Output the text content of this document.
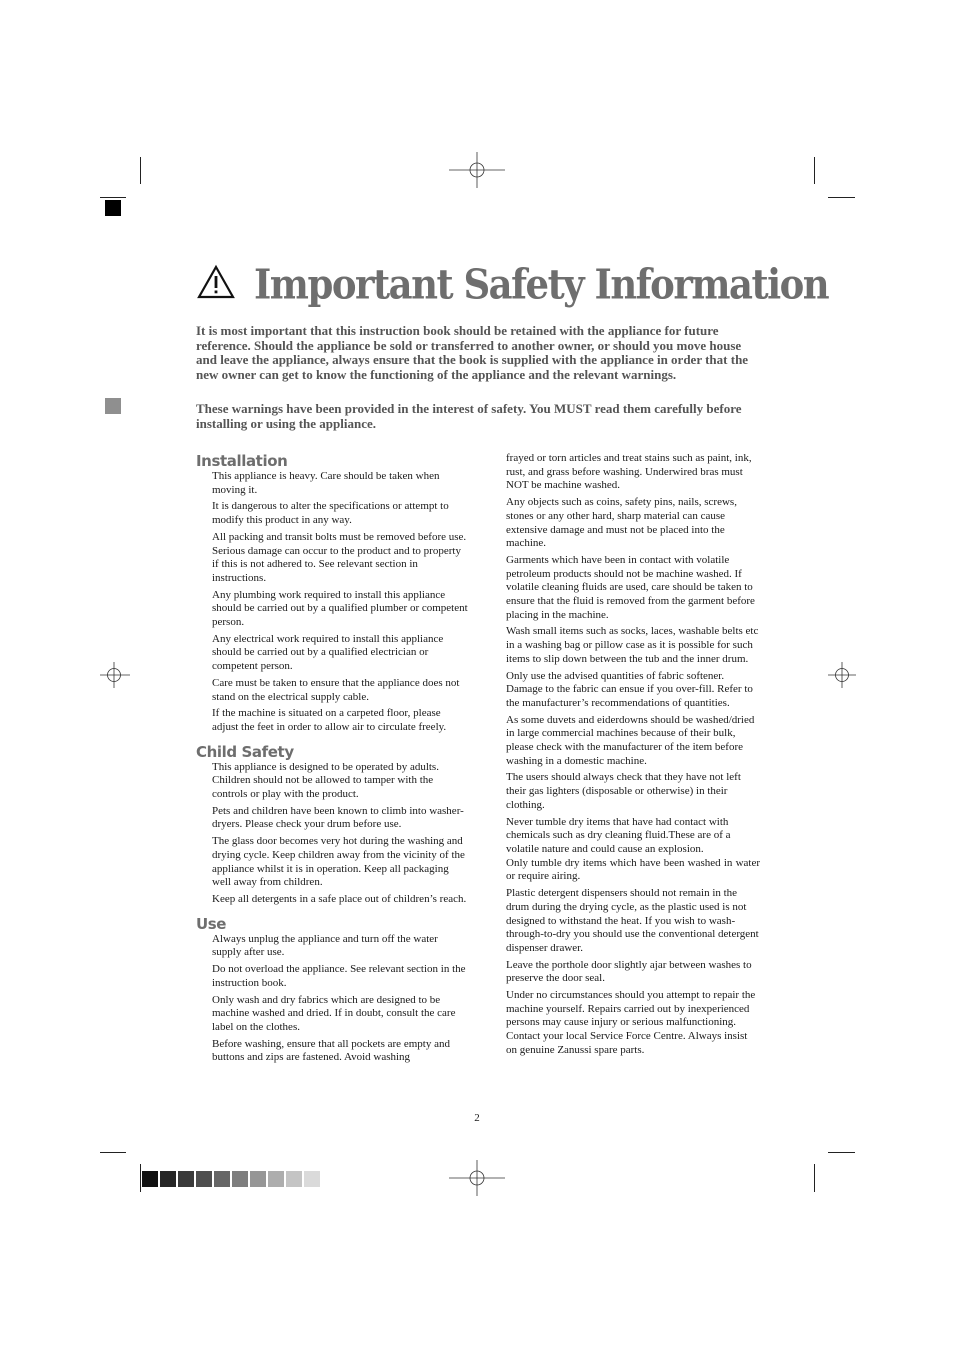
Important Safety Information

It is most important that this instruction book should be retained with the appliance for future reference. Should the appliance be sold or transferred to another owner, or should you move house and leave the appliance, always ensure that the book is supplied with the appliance in order that the new owner can get to know the functioning of the appliance and the relevant warnings.

These warnings have been provided in the interest of safety. You MUST read them carefully before installing or using the appliance.

Installation

This appliance is heavy. Care should be taken when moving it.

It is dangerous to alter the specifications or attempt to modify this product in any way.

All packing and transit bolts must be removed before use. Serious damage can occur to the product and to property if this is not adhered to. See relevant section in instructions.

Any plumbing work required to install this appliance should be carried out by a qualified plumber or competent person.

Any electrical work required to install this appliance should be carried out by a qualified electrician or competent person.

Care must be taken to ensure that the appliance does not stand on the electrical supply cable.

If the machine is situated on a carpeted floor, please adjust the feet in order to allow air to circulate freely.

Child Safety

This appliance is designed to be operated by adults. Children should not be allowed to tamper with the controls or play with the product.

Pets and children have been known to climb into washer-dryers. Please check your drum before use.

The glass door becomes very hot during the washing and drying cycle. Keep children away from the vicinity of the appliance whilst it is in operation. Keep all packaging well away from children.

Keep all detergents in a safe place out of children’s reach.

Use

Always unplug the appliance and turn off the water supply after use.

Do not overload the appliance. See relevant section in the instruction book.

Only wash and dry fabrics which are designed to be machine washed and dried. If in doubt, consult the care label on the clothes.

Before washing, ensure that all pockets are empty and buttons and zips are fastened. Avoid washing

frayed or torn articles and treat stains such as paint, ink, rust, and grass before washing. Underwired bras must NOT be machine washed.

Any objects such as coins, safety pins, nails, screws, stones or any other hard, sharp material can cause extensive damage and must not be placed into the machine.

Garments which have been in contact with volatile petroleum products should not be machine washed. If volatile cleaning fluids are used, care should be taken to ensure that the fluid is removed from the garment before placing in the machine.

Wash small items such as socks, laces, washable belts etc in a washing bag or pillow case as it is possible for such items to slip down between the tub and the inner drum.

Only use the advised quantities of fabric softener. Damage to the fabric can ensue if you over-fill. Refer to the manufacturer’s recommendations of quantities.

As some duvets and eiderdowns should be washed/dried in large commercial machines because of their bulk, please check with the manufacturer of the item before washing in a domestic machine.

The users should always check that they have not left their gas lighters (disposable or otherwise) in their clothing.

Never tumble dry items that have had contact with chemicals such as dry cleaning fluid.These are of a volatile nature and could cause an explosion.

Only tumble dry items which have been washed in water or require airing.

Plastic detergent dispensers should not remain in the drum during the drying cycle, as the plastic used is not designed to withstand the heat. If you wish to wash-through-to-dry you should use the conventional detergent dispenser drawer.

Leave the porthole door slightly ajar between washes to preserve the door seal.

Under no circumstances should you attempt to repair the machine yourself. Repairs carried out by inexperienced persons may cause injury or serious malfunctioning. Contact your local Service Force Centre. Always insist on genuine Zanussi spare parts.

2
